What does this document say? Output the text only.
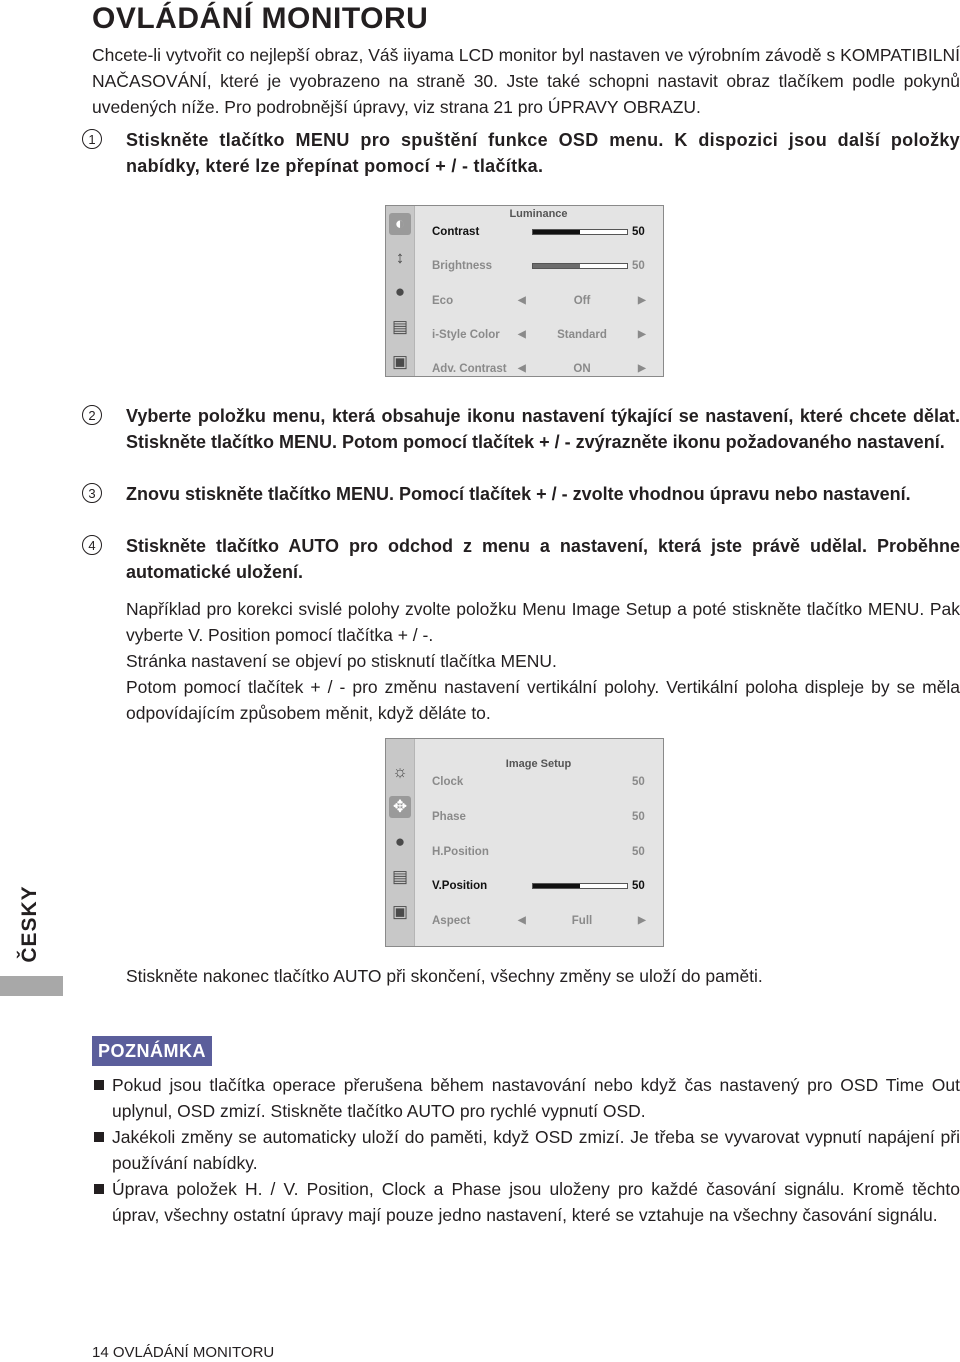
OVLÁDÁNÍ MONITORU

Chcete-li vytvořit co nejlepší obraz, Váš iiyama LCD monitor byl nastaven ve výrobním závodě s KOMPATIBILNÍ NAČASOVÁNÍ, které je vyobrazeno na straně 30. Jste také schopni nastavit obraz tlačíkem podle pokynů uvedených níže. Pro podrobnější úpravy, viz strana 21 pro ÚPRAVY OBRAZU.

1	Stiskněte tlačítko MENU pro spuštění funkce OSD menu. K dispozici jsou další položky nabídky, které lze přepínat pomocí + / - tlačítka.
◐
↕
●
▤
▣
Luminance
Contrast	50
Brightness	50
Eco	◀	Off	▶
i-Style Color ◀	Standard	▶
Adv. Contrast ◀	ON	▶
2	Vyberte položku menu, která obsahuje ikonu nastavení týkající se nastavení, které chcete dělat. Stiskněte tlačítko MENU. Potom pomocí tlačítek + / - zvýrazněte ikonu požadovaného nastavení.
3	Znovu stiskněte tlačítko MENU. Pomocí tlačítek + / - zvolte vhodnou úpravu nebo nastavení.
4	Stiskněte tlačítko AUTO pro odchod z menu a nastavení, která jste právě udělal. Proběhne automatické uložení.

Například pro korekci svislé polohy zvolte položku Menu Image Setup a poté stiskněte tlačítko MENU. Pak vyberte V. Position pomocí tlačítka + / -.

Stránka nastavení se objeví po stisknutí tlačítka MENU.

Potom pomocí tlačítek + / - pro změnu nastavení vertikální polohy. Vertikální poloha displeje by se měla odpovídajícím způsobem měnit, když děláte to.

☼
✥
●
▤
▣
Image Setup
Clock	50
Phase	50
H.Position	50
V.Position	50
Aspect	◀	Full	▶

Stiskněte nakonec tlačítko AUTO při skončení, všechny změny se uloží do paměti.

ČESKY
POZNÁMKA
Pokud jsou tlačítka operace přerušena během nastavování nebo když čas nastavený pro OSD Time Out uplynul, OSD zmizí. Stiskněte tlačítko AUTO pro rychlé vypnutí OSD.
Jakékoli změny se automaticky uloží do paměti, když OSD zmizí. Je třeba se vyvarovat vypnutí napájení při používání nabídky.
Úprava položek H. / V. Position, Clock a Phase jsou uloženy pro každé časování signálu. Kromě těchto úprav, všechny ostatní úpravy mají pouze jedno nastavení, které se vztahuje na všechny časování signálu.

14 OVLÁDÁNÍ MONITORU
